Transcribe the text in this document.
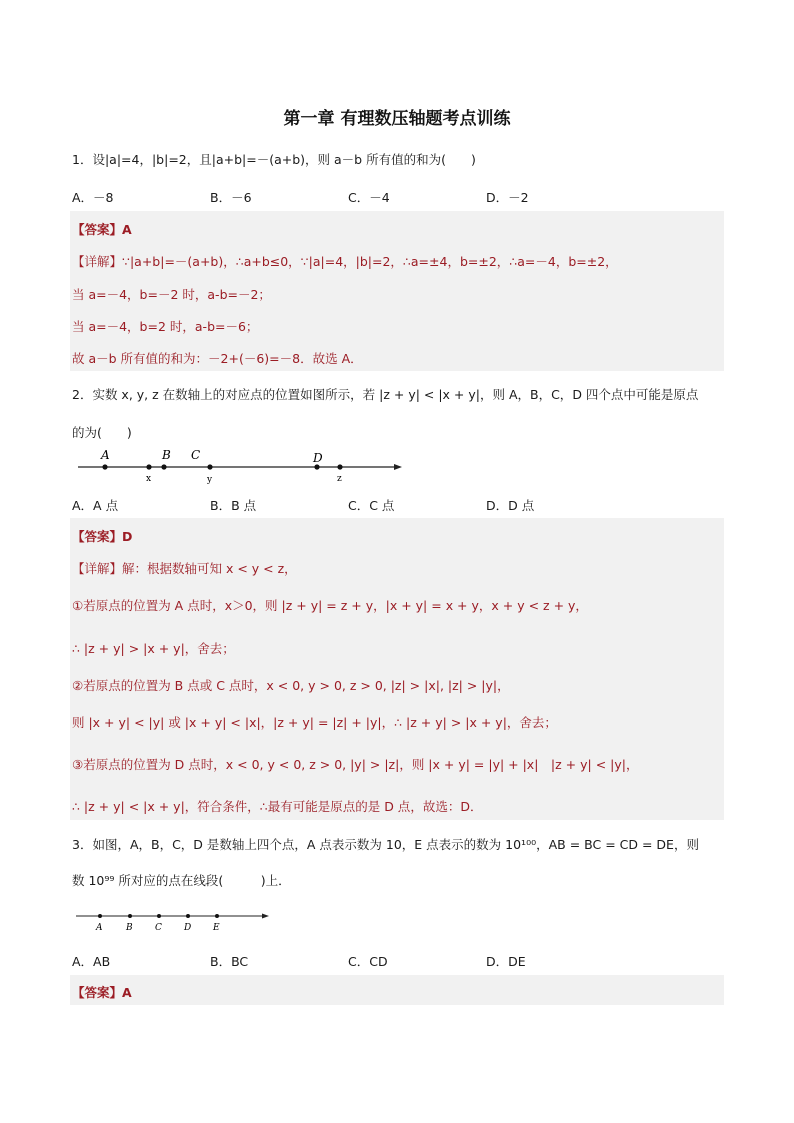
第一章 有理数压轴题考点训练
1．设|a|=4，|b|=2，且|a+b|=－(a+b)，则 a－b 所有值的和为(　　)
A．－8	B．－6	C．－4	D．－2
【答案】A
【详解】∵|a+b|=－(a+b)，∴a+b≤0，∵|a|=4，|b|=2，∴a=±4，b=±2，∴a=－4，b=±2，
当 a=－4，b=－2 时，a-b=－2；
当 a=－4，b=2 时，a-b=－6；
故 a－b 所有值的和为：－2+(－6)=－8．故选 A．
2．实数 x, y, z 在数轴上的对应点的位置如图所示，若 |z + y| < |x + y|，则 A，B，C，D 四个点中可能是原点
的为(　　)
A	B C	D
x	y	z
A．A 点	B．B 点	C．C 点	D．D 点
【答案】D
【详解】解：根据数轴可知 x < y < z，
①若原点的位置为 A 点时，x＞0，则 |z + y| = z + y，|x + y| = x + y，x + y < z + y，
∴ |z + y| > |x + y|，舍去；
②若原点的位置为 B 点或 C 点时，x < 0, y > 0, z > 0, |z| > |x|, |z| > |y|，
则 |x + y| < |y| 或 |x + y| < |x|，|z + y| = |z| + |y|，∴ |z + y| > |x + y|，舍去；
③若原点的位置为 D 点时，x < 0, y < 0, z > 0, |y| > |z|，则 |x + y| = |y| + |x|　|z + y| < |y|，
∴ |z + y| < |x + y|，符合条件，∴最有可能是原点的是 D 点，故选：D．
3．如图，A，B，C，D 是数轴上四个点，A 点表示数为 10，E 点表示的数为 10¹⁰⁰，AB = BC = CD = DE，则
数 10⁹⁹ 所对应的点在线段(　　　)上．
A	B C D E
A．AB	B．BC	C．CD	D．DE
【答案】A
